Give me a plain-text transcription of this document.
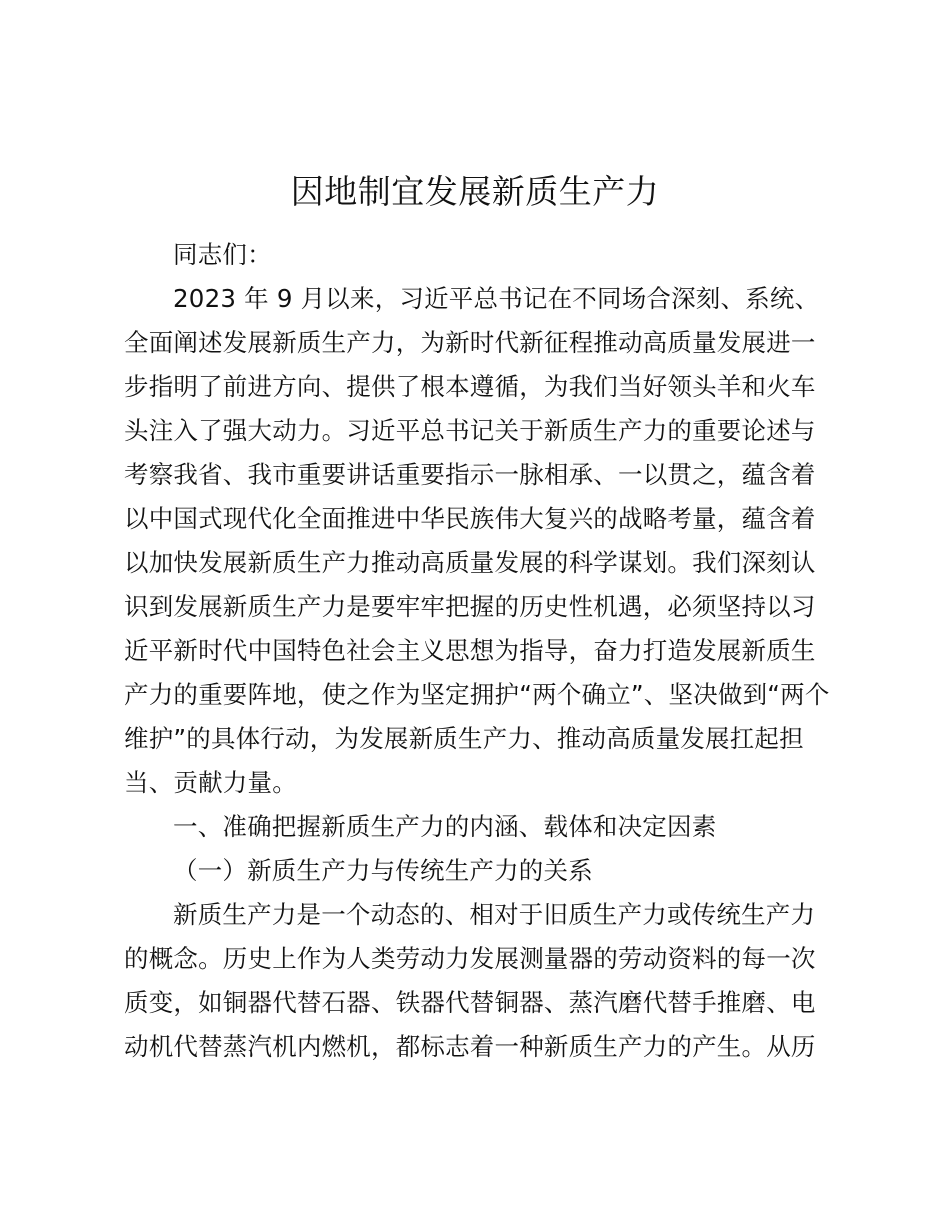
因地制宜发展新质生产力
同志们：
2023 年 9 月以来，习近平总书记在不同场合深刻、系统、
全面阐述发展新质生产力，为新时代新征程推动高质量发展进一
步指明了前进方向、提供了根本遵循，为我们当好领头羊和火车
头注入了强大动力。习近平总书记关于新质生产力的重要论述与
考察我省、我市重要讲话重要指示一脉相承、一以贯之，蕴含着
以中国式现代化全面推进中华民族伟大复兴的战略考量，蕴含着
以加快发展新质生产力推动高质量发展的科学谋划。我们深刻认
识到发展新质生产力是要牢牢把握的历史性机遇，必须坚持以习
近平新时代中国特色社会主义思想为指导，奋力打造发展新质生
产力的重要阵地，使之作为坚定拥护“两个确立”、坚决做到“两个
维护”的具体行动，为发展新质生产力、推动高质量发展扛起担
当、贡献力量。
一、准确把握新质生产力的内涵、载体和决定因素
（一）新质生产力与传统生产力的关系
新质生产力是一个动态的、相对于旧质生产力或传统生产力
的概念。历史上作为人类劳动力发展测量器的劳动资料的每一次
质变，如铜器代替石器、铁器代替铜器、蒸汽磨代替手推磨、电
动机代替蒸汽机内燃机，都标志着一种新质生产力的产生。从历
